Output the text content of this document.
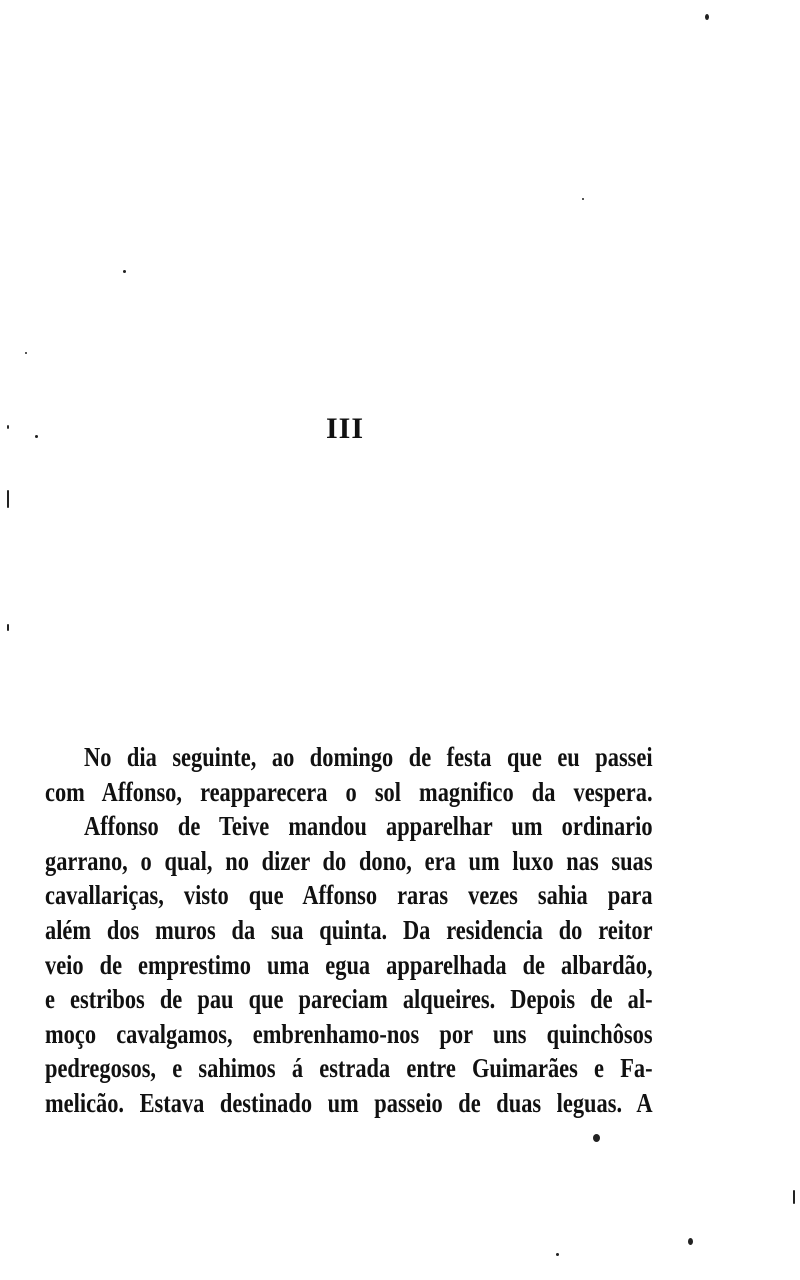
III
No dia seguinte, ao domingo de festa que eu passei
com Affonso, reapparecera o sol magnifico da vespera.
Affonso de Teive mandou apparelhar um ordinario
garrano, o qual, no dizer do dono, era um luxo nas suas
cavallariças, visto que Affonso raras vezes sahia para
além dos muros da sua quinta. Da residencia do reitor
veio de emprestimo uma egua apparelhada de albardão,
e estribos de pau que pareciam alqueires. Depois de al-
moço cavalgamos, embrenhamo-nos por uns quinchôsos
pedregosos, e sahimos á estrada entre Guimarães e Fa-
melicão. Estava destinado um passeio de duas leguas. A
